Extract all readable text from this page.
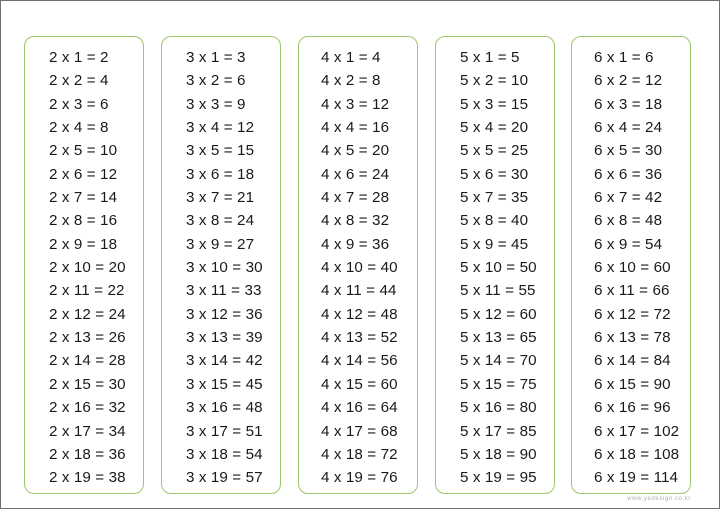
2 x 1 = 2
2 x 2 = 4
2 x 3 = 6
2 x 4 = 8
2 x 5 = 10
2 x 6 = 12
2 x 7 = 14
2 x 8 = 16
2 x 9 = 18
2 x 10 = 20
2 x 11 = 22
2 x 12 = 24
2 x 13 = 26
2 x 14 = 28
2 x 15 = 30
2 x 16 = 32
2 x 17 = 34
2 x 18 = 36
2 x 19 = 38
3 x 1 = 3
3 x 2 = 6
3 x 3 = 9
3 x 4 = 12
3 x 5 = 15
3 x 6 = 18
3 x 7 = 21
3 x 8 = 24
3 x 9 = 27
3 x 10 = 30
3 x 11 = 33
3 x 12 = 36
3 x 13 = 39
3 x 14 = 42
3 x 15 = 45
3 x 16 = 48
3 x 17 = 51
3 x 18 = 54
3 x 19 = 57
4 x 1 = 4
4 x 2 = 8
4 x 3 = 12
4 x 4 = 16
4 x 5 = 20
4 x 6 = 24
4 x 7 = 28
4 x 8 = 32
4 x 9 = 36
4 x 10 = 40
4 x 11 = 44
4 x 12 = 48
4 x 13 = 52
4 x 14 = 56
4 x 15 = 60
4 x 16 = 64
4 x 17 = 68
4 x 18 = 72
4 x 19 = 76
5 x 1 = 5
5 x 2 = 10
5 x 3 = 15
5 x 4 = 20
5 x 5 = 25
5 x 6 = 30
5 x 7 = 35
5 x 8 = 40
5 x 9 = 45
5 x 10 = 50
5 x 11 = 55
5 x 12 = 60
5 x 13 = 65
5 x 14 = 70
5 x 15 = 75
5 x 16 = 80
5 x 17 = 85
5 x 18 = 90
5 x 19 = 95
6 x 1 = 6
6 x 2 = 12
6 x 3 = 18
6 x 4 = 24
6 x 5 = 30
6 x 6 = 36
6 x 7 = 42
6 x 8 = 48
6 x 9 = 54
6 x 10 = 60
6 x 11 = 66
6 x 12 = 72
6 x 13 = 78
6 x 14 = 84
6 x 15 = 90
6 x 16 = 96
6 x 17 = 102
6 x 18 = 108
6 x 19 = 114
www.yedesign.co.kr
